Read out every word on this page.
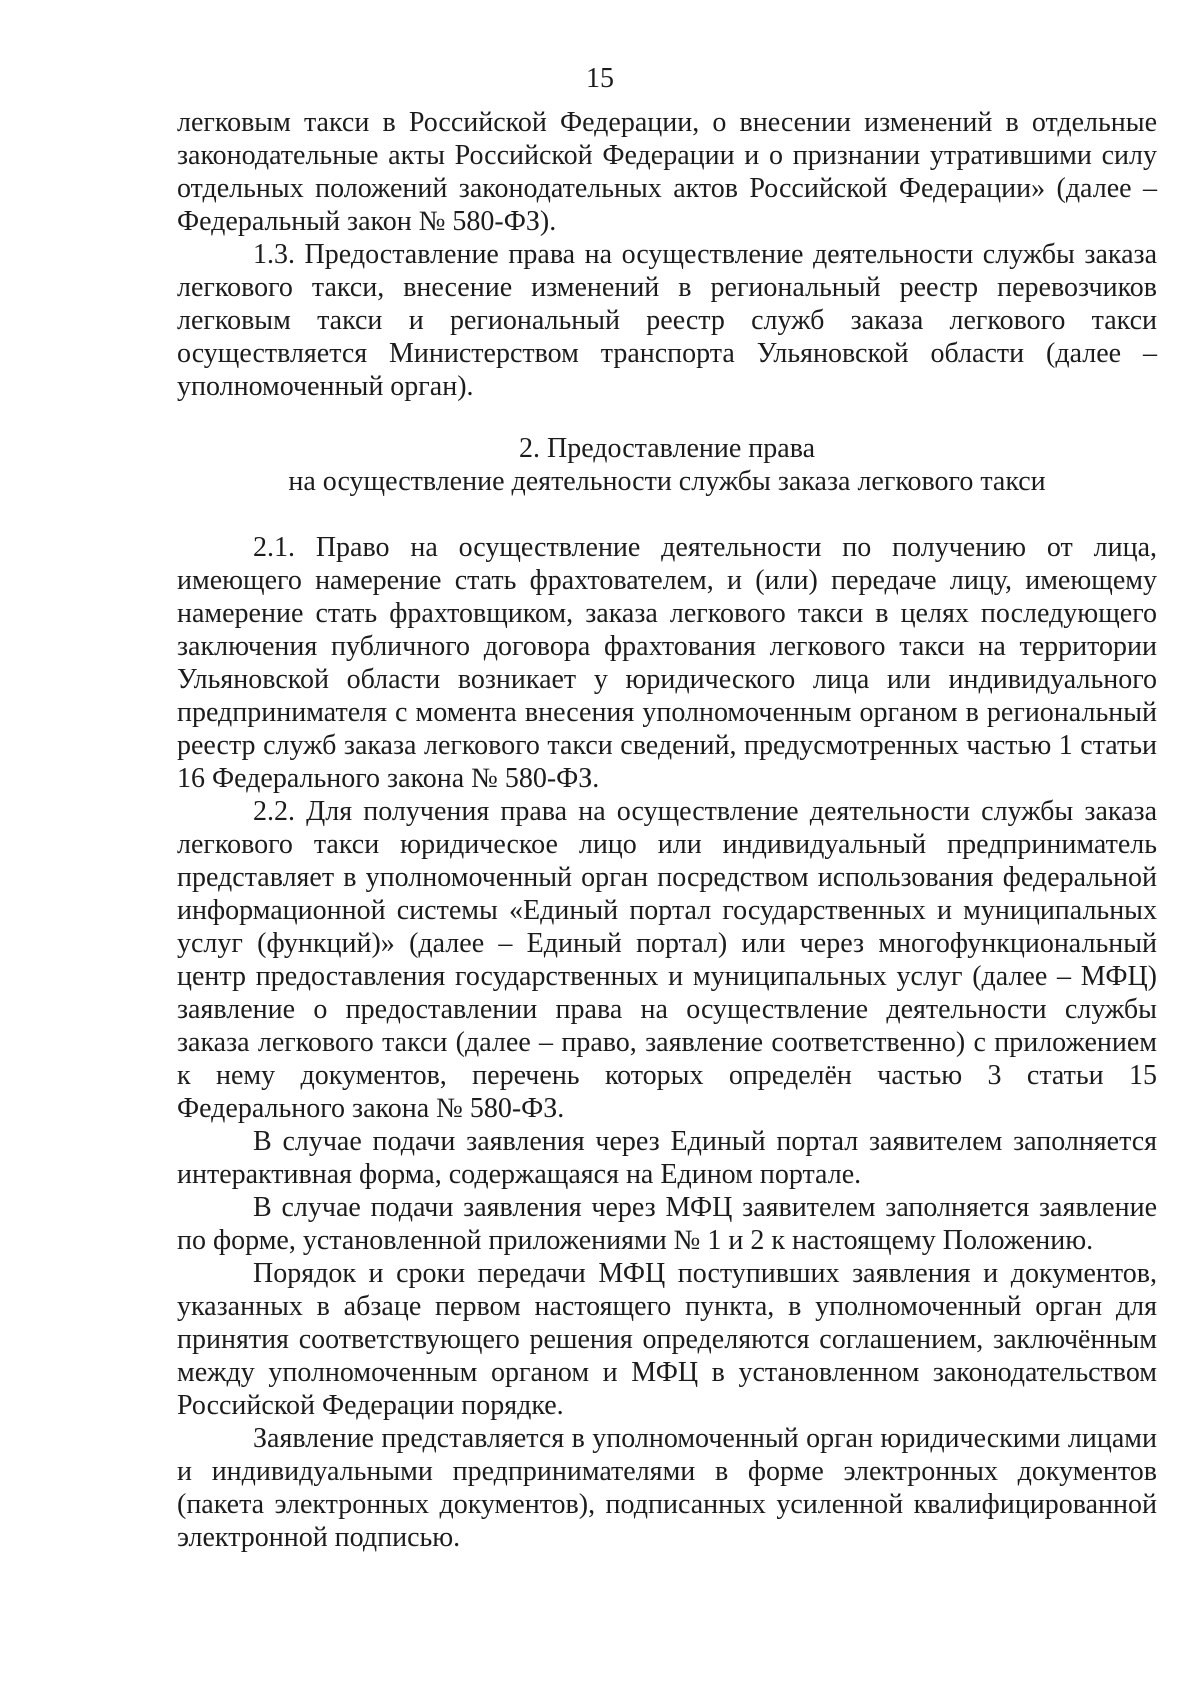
15

легковым такси в Российской Федерации, о внесении изменений в отдельные законодательные акты Российской Федерации и о признании утратившими силу отдельных положений законодательных актов Российской Федерации» (далее – Федеральный закон № 580-ФЗ).

1.3. Предоставление права на осуществление деятельности службы заказа легкового такси, внесение изменений в региональный реестр перевозчиков легковым такси и региональный реестр служб заказа легкового такси осуществляется Министерством транспорта Ульяновской области (далее – уполномоченный орган).

2. Предоставление права
на осуществление деятельности службы заказа легкового такси

2.1. Право на осуществление деятельности по получению от лица, имеющего намерение стать фрахтователем, и (или) передаче лицу, имеющему намерение стать фрахтовщиком, заказа легкового такси в целях последующего заключения публичного договора фрахтования легкового такси на территории Ульяновской области возникает у юридического лица или индивидуального предпринимателя с момента внесения уполномоченным органом в региональный реестр служб заказа легкового такси сведений, предусмотренных частью 1 статьи 16 Федерального закона № 580-ФЗ.

2.2. Для получения права на осуществление деятельности службы заказа легкового такси юридическое лицо или индивидуальный предприниматель представляет в уполномоченный орган посредством использования федеральной информационной системы «Единый портал государственных и муниципальных услуг (функций)» (далее – Единый портал) или через многофункциональный центр предоставления государственных и муниципальных услуг (далее – МФЦ) заявление о предоставлении права на осуществление деятельности службы заказа легкового такси (далее – право, заявление соответственно) с приложением к нему документов, перечень которых определён частью 3 статьи 15 Федерального закона № 580-ФЗ.

В случае подачи заявления через Единый портал заявителем заполняется интерактивная форма, содержащаяся на Едином портале.

В случае подачи заявления через МФЦ заявителем заполняется заявление по форме, установленной приложениями № 1 и 2 к настоящему Положению.

Порядок и сроки передачи МФЦ поступивших заявления и документов, указанных в абзаце первом настоящего пункта, в уполномоченный орган для принятия соответствующего решения определяются соглашением, заключённым между уполномоченным органом и МФЦ в установленном законодательством Российской Федерации порядке.

Заявление представляется в уполномоченный орган юридическими лицами и индивидуальными предпринимателями в форме электронных документов (пакета электронных документов), подписанных усиленной квалифицированной электронной подписью.
